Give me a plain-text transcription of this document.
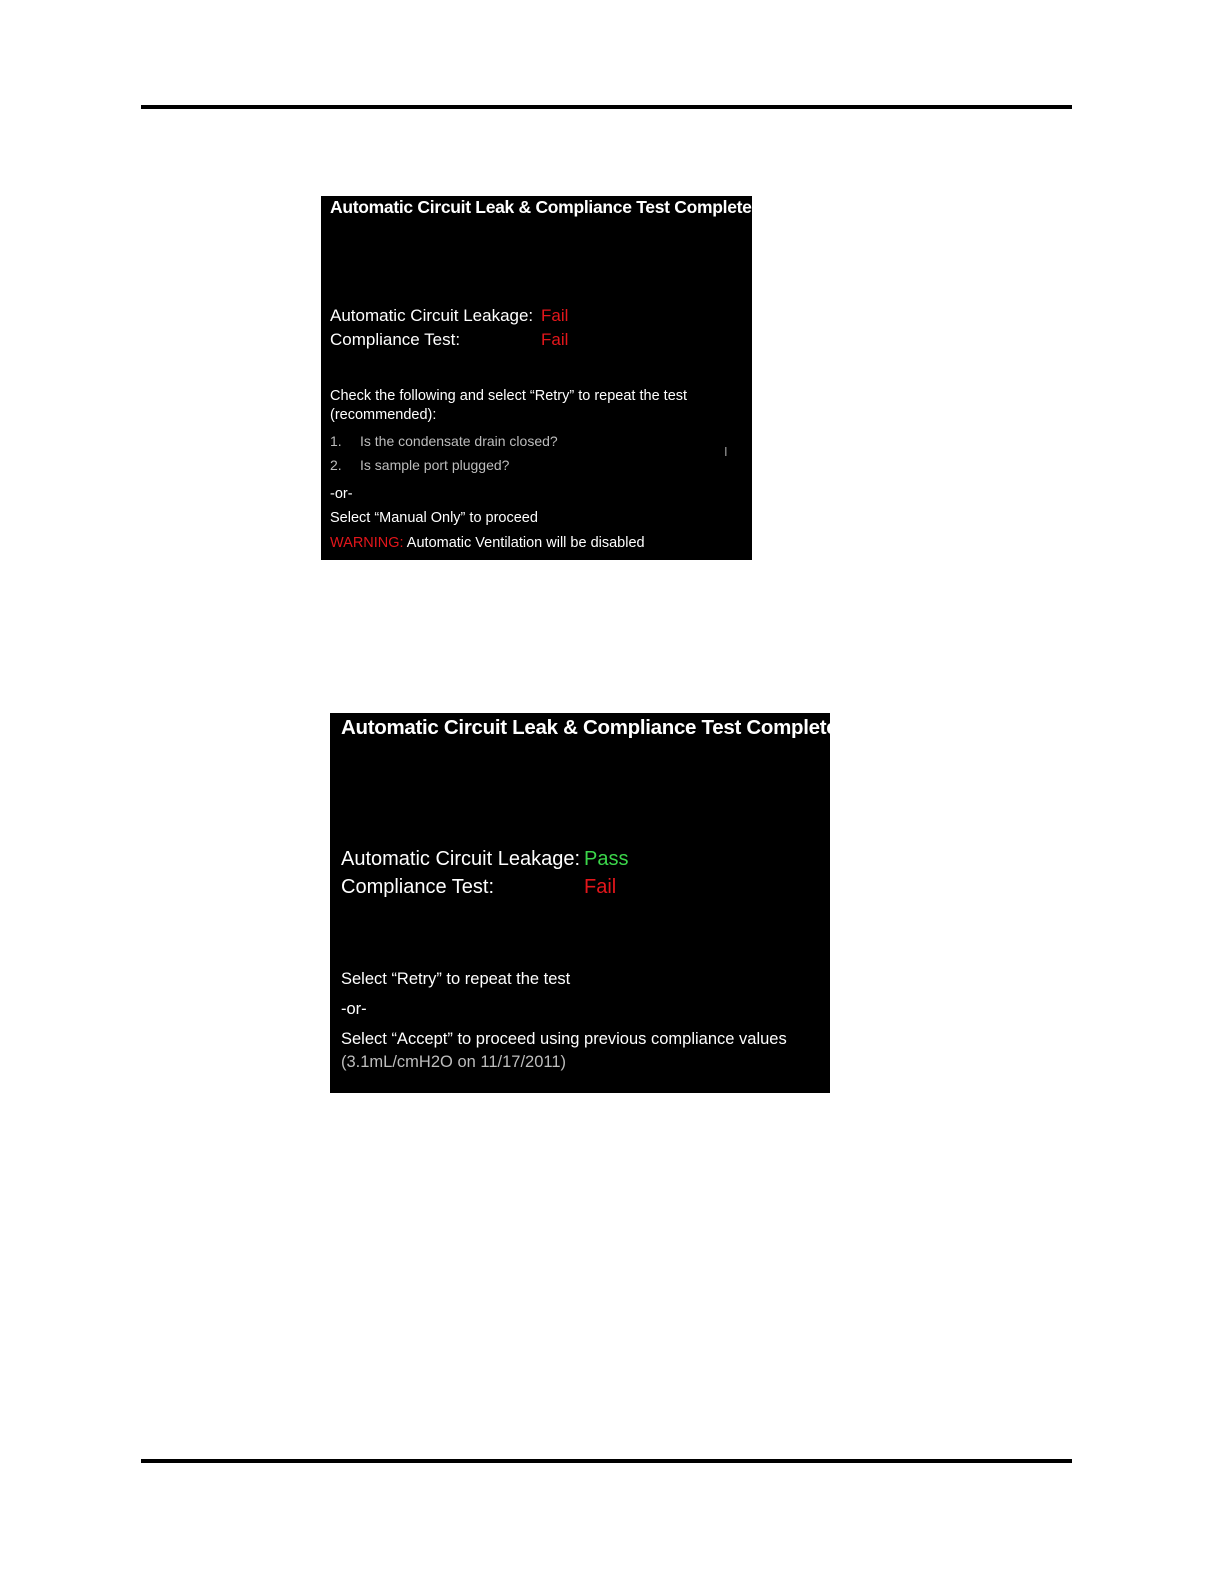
Automatic Circuit Leak & Compliance Test Complete
Automatic Circuit Leakage: Fail
Compliance Test:	Fail
Check the following and select “Retry” to repeat the test
(recommended):
1. Is the condensate drain closed?
2. Is sample port plugged?
I
-or-
Select “Manual Only” to proceed
WARNING: Automatic Ventilation will be disabled
Automatic Circuit Leak & Compliance Test Complete
Automatic Circuit Leakage: Pass
Compliance Test:	Fail
Select “Retry” to repeat the test
-or-
Select “Accept” to proceed using previous compliance values
(3.1mL/cmH2O on 11/17/2011)
